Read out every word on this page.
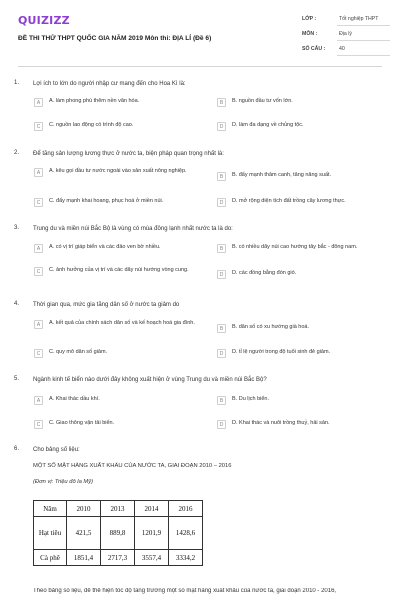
QUIZIZZ
ĐỀ THI THỬ THPT QUỐC GIA NĂM 2019 Môn thi: ĐỊA LÍ (Đề 6)
LỚP :	Tốt nghiệp THPT
MÔN :	Địa lý
SỐ CÂU :	40
1. Lợi ích to lớn do người nhập cư mang đến cho Hoa Kì là:
A	A. làm phong phú thêm nền văn hóa.	B	B. nguồn đầu tư vốn lớn.
C	C. nguồn lao động có trình độ cao.	D	D. làm đa dạng về chủng tộc.
2. Để tăng sản lượng lương thực ở nước ta, biện pháp quan trọng nhất là:
A	A. kêu gọi đầu tư nước ngoài vào sản xuất nông nghiệp.
B	B. đẩy mạnh thâm canh, tăng năng suất.
C	C. đẩy mạnh khai hoang, phục hoá ở miền núi.	D	D. mở rộng diện tích đất trồng cây lương thực.
3. Trung du và miền núi Bắc Bộ là vùng có mùa đông lạnh nhất nước ta là do:
A	A. có vị trí giáp biển và các đảo ven bờ nhiều.	B	B. có nhiều dãy núi cao hướng tây bắc - đông nam.
C	C. ảnh hưởng của vị trí và các dãy núi hướng vòng cung.
D	D. các đồng bằng đón gió.
4. Thời gian qua, mức gia tăng dân số ở nước ta giảm do
A	A. kết quả của chính sách dân số và kế hoạch hoá gia đình.
B	B. dân số có xu hướng già hoá.
C	C. quy mô dân số giảm.	D	D. tỉ lệ người trong độ tuổi sinh đẻ giảm.
5. Ngành kinh tế biển nào dưới đây không xuất hiện ở vùng Trung du và miền núi Bắc Bộ?
A	A. Khai thác dầu khí.	B	B. Du lịch biển.
C	C. Giao thông vận tải biển.	D	D. Khai thác và nuôi trồng thuỷ, hải sản.
6. Cho bảng số liệu:
MỘT SỐ MẶT HÀNG XUẤT KHẨU CỦA NƯỚC TA, GIAI ĐOẠN 2010 – 2016
(Đơn vị: Triệu đô la Mỹ)
Năm	2010	2013	2014	2016
Hạt tiêu	421,5	889,8	1201,9	1428,6
Cà phê	1851,4	2717,3	3557,4	3334,2
Theo bảng số liệu, để thể hiện tốc độ tăng trưởng một số mặt hàng xuất khẩu của nước ta, giai đoạn 2010 - 2016,
